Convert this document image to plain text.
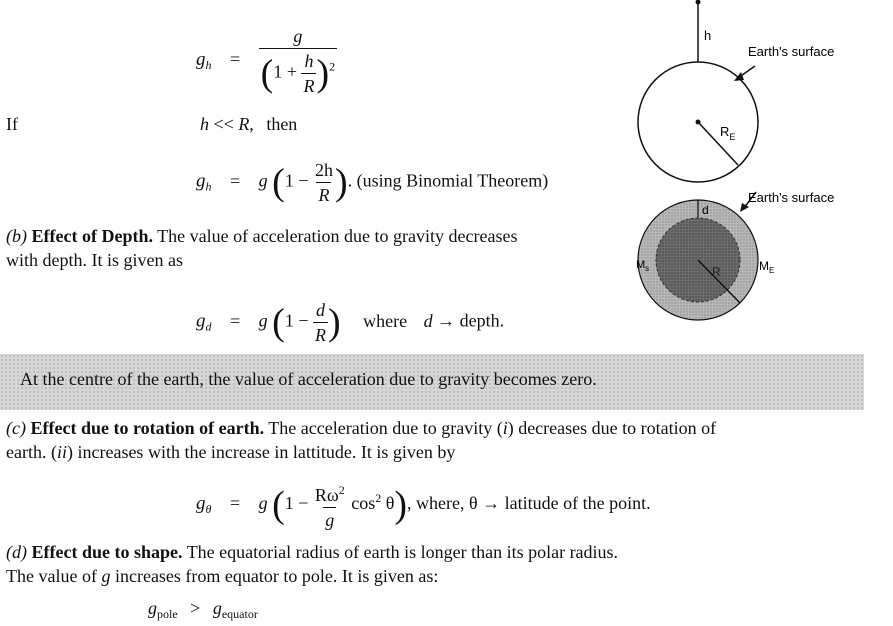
$g_h = \frac{g}{(1 + \frac{h}{R} )^2}$
If	h << R, then
$g_h = g$ ($1 - \frac{2h}{R}$ ). (using Binomial Theorem)
(b) Effect of Depth. The value of acceleration due to gravity decreases
with depth. It is given as
$g_d = g$ ($1 - \frac{d}{R}$ ) where d → depth.
At the centre of the earth, the value of acceleration due to gravity becomes zero.
(c) Effect due to rotation of earth. The acceleration due to gravity (i) decreases due to rotation of
earth. (ii) increases with the increase in lattitude. It is given by
$g_\theta = g$ $(1 - \frac{R\omega^2}{g} \cos^2 \theta)$, where, θ → latitude of the point.
(d) Effect due to shape. The equatorial radius of earth is longer than its polar radius.
The value of g increases from equator to pole. It is given as:
$g_{pole} > g_{equator}$
h
$R_E$
Earth's surface
d
R
$M_s$	$M_E$
Earth's surface
